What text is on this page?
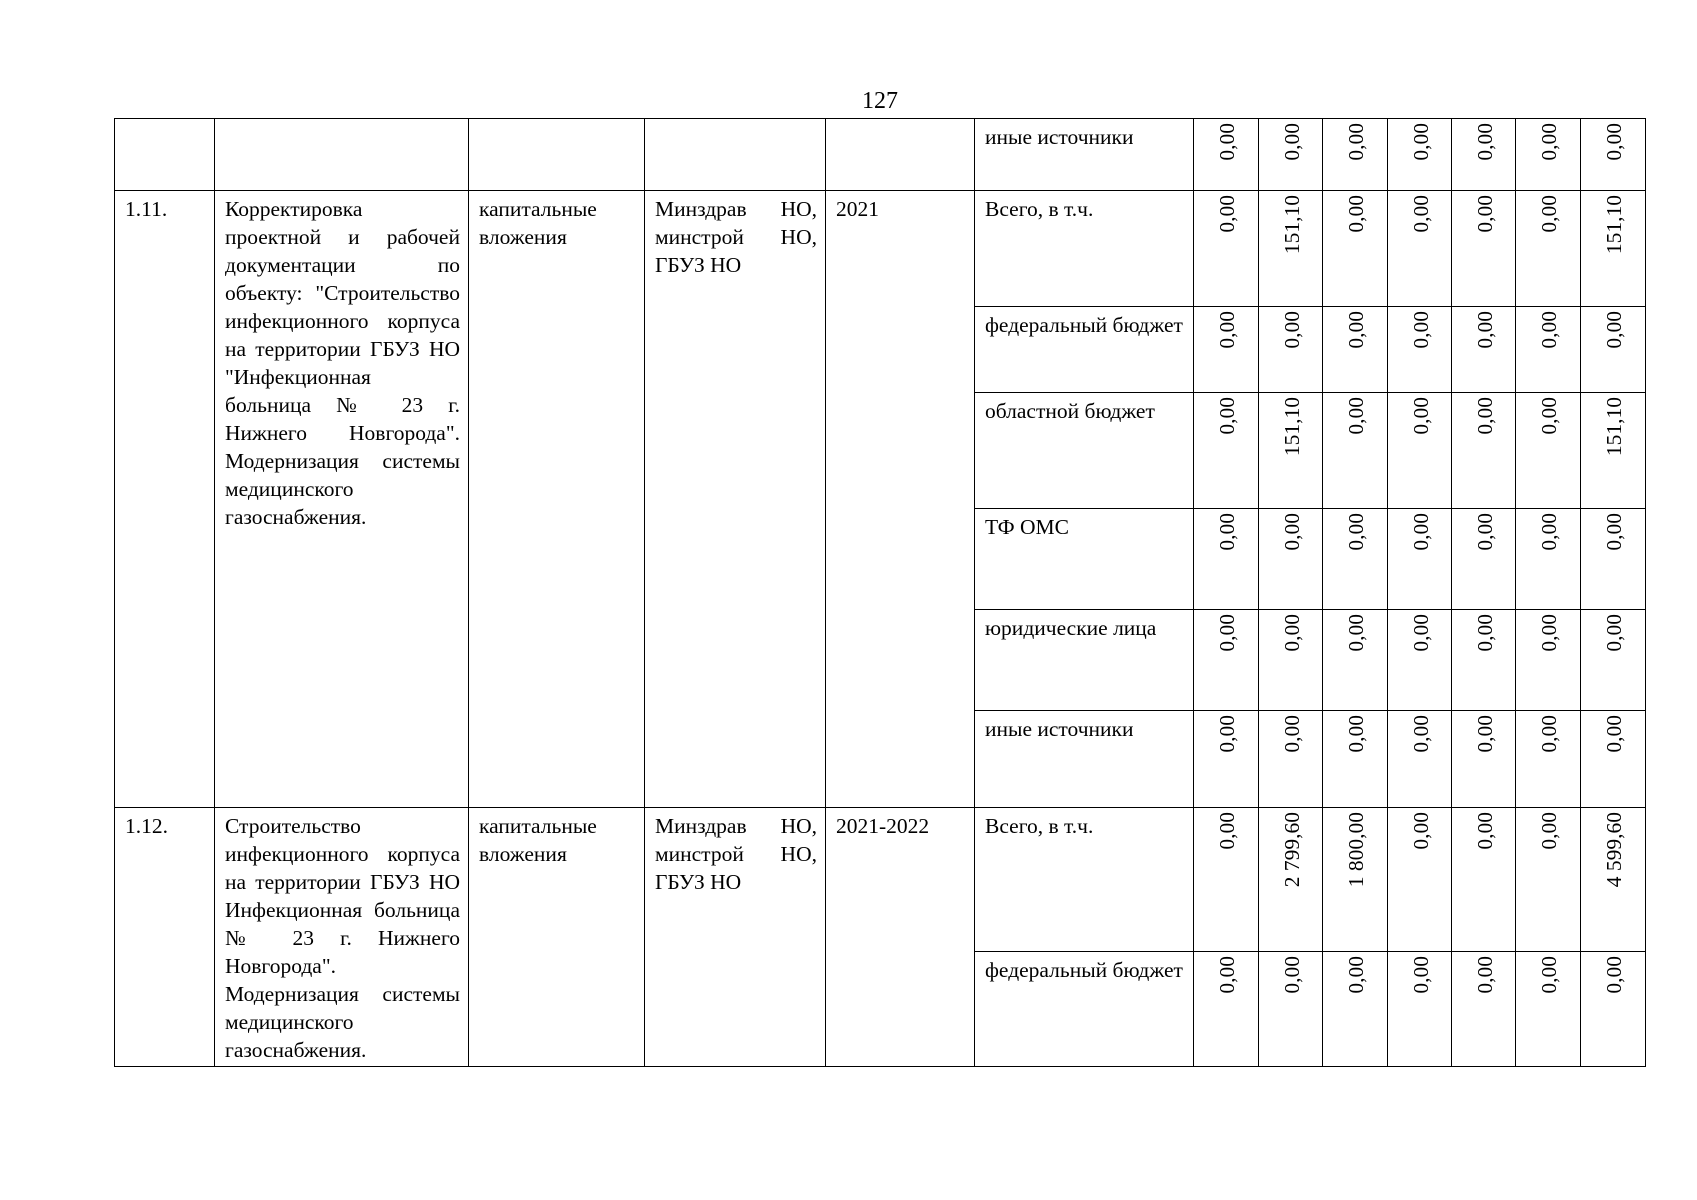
127
					иные источники	0,00	0,00	0,00	0,00	0,00	0,00	0,00
1.11.	Корректировка проектной и рабочей документации по объекту: "Строительство инфекционного корпуса на территории ГБУЗ НО "Инфекционная больница № 23 г. Нижнего Новгорода". Модернизация системы медицинского газоснабжения.	капитальные вложения	Минздрав НО, минстрой НО, ГБУЗ НО	2021	Всего, в т.ч.	0,00	151,10	0,00	0,00	0,00	0,00	151,10
					федеральный бюджет	0,00	0,00	0,00	0,00	0,00	0,00	0,00
					областной бюджет	0,00	151,10	0,00	0,00	0,00	0,00	151,10
					ТФ ОМС	0,00	0,00	0,00	0,00	0,00	0,00	0,00
					юридические лица	0,00	0,00	0,00	0,00	0,00	0,00	0,00
					иные источники	0,00	0,00	0,00	0,00	0,00	0,00	0,00
1.12.	Строительство инфекционного корпуса на территории ГБУЗ НО Инфекционная больница № 23 г. Нижнего Новгорода". Модернизация системы медицинского газоснабжения.	капитальные вложения	Минздрав НО, минстрой НО, ГБУЗ НО	2021-2022	Всего, в т.ч.	0,00	2 799,60	1 800,00	0,00	0,00	0,00	4 599,60
					федеральный бюджет	0,00	0,00	0,00	0,00	0,00	0,00	0,00
